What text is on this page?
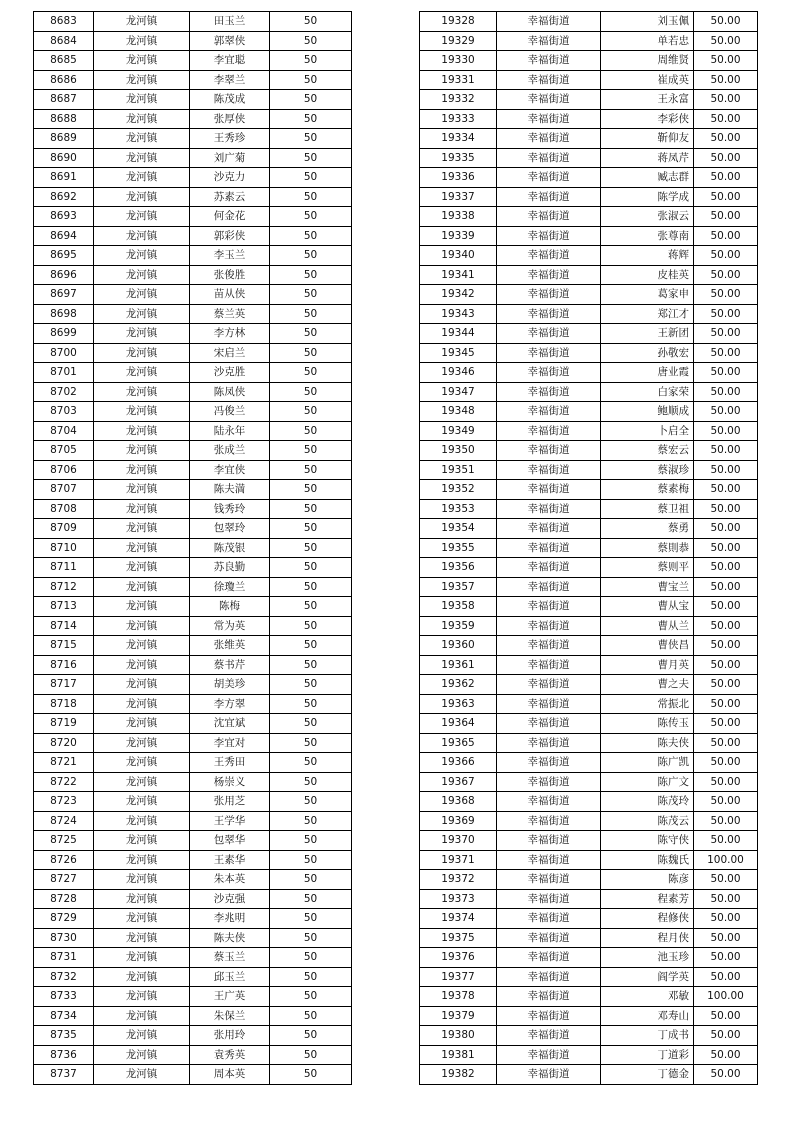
8683	龙河镇	田玉兰	50
8684	龙河镇	郭翠侠	50
8685	龙河镇	李宜聪	50
8686	龙河镇	李翠兰	50
8687	龙河镇	陈茂成	50
8688	龙河镇	张厚侠	50
8689	龙河镇	王秀珍	50
8690	龙河镇	刘广菊	50
8691	龙河镇	沙克力	50
8692	龙河镇	苏素云	50
8693	龙河镇	何金花	50
8694	龙河镇	郭彩侠	50
8695	龙河镇	李玉兰	50
8696	龙河镇	张俊胜	50
8697	龙河镇	苗从侠	50
8698	龙河镇	蔡兰英	50
8699	龙河镇	李方林	50
8700	龙河镇	宋启兰	50
8701	龙河镇	沙克胜	50
8702	龙河镇	陈凤侠	50
8703	龙河镇	冯俊兰	50
8704	龙河镇	陆永年	50
8705	龙河镇	张成兰	50
8706	龙河镇	李宜侠	50
8707	龙河镇	陈夫満	50
8708	龙河镇	钱秀玲	50
8709	龙河镇	包翠玲	50
8710	龙河镇	陈茂银	50
8711	龙河镇	苏良勤	50
8712	龙河镇	徐瓊兰	50
8713	龙河镇	陈梅	50
8714	龙河镇	常为英	50
8715	龙河镇	张维英	50
8716	龙河镇	蔡书芹	50
8717	龙河镇	胡美珍	50
8718	龙河镇	李方翠	50
8719	龙河镇	沈宜斌	50
8720	龙河镇	李宜对	50
8721	龙河镇	王秀田	50
8722	龙河镇	杨崇义	50
8723	龙河镇	张用芝	50
8724	龙河镇	王学华	50
8725	龙河镇	包翠华	50
8726	龙河镇	王素华	50
8727	龙河镇	朱本英	50
8728	龙河镇	沙克强	50
8729	龙河镇	李兆明	50
8730	龙河镇	陈夫侠	50
8731	龙河镇	蔡玉兰	50
8732	龙河镇	邱玉兰	50
8733	龙河镇	王广英	50
8734	龙河镇	朱保兰	50
8735	龙河镇	张用玲	50
8736	龙河镇	袁秀英	50
8737	龙河镇	周本英	50
19328	幸福街道	刘玉佩	50.00
19329	幸福街道	单若忠	50.00
19330	幸福街道	周维贤	50.00
19331	幸福街道	崔成英	50.00
19332	幸福街道	王永富	50.00
19333	幸福街道	李彩侠	50.00
19334	幸福街道	靳仰友	50.00
19335	幸福街道	蒋凤芹	50.00
19336	幸福街道	臧志群	50.00
19337	幸福街道	陈学成	50.00
19338	幸福街道	张淑云	50.00
19339	幸福街道	张尊南	50.00
19340	幸福街道	蒋辉	50.00
19341	幸福街道	皮桂英	50.00
19342	幸福街道	葛家申	50.00
19343	幸福街道	郑江才	50.00
19344	幸福街道	王新团	50.00
19345	幸福街道	孙敬宏	50.00
19346	幸福街道	唐业霞	50.00
19347	幸福街道	白家荣	50.00
19348	幸福街道	鲍顺成	50.00
19349	幸福街道	卜启全	50.00
19350	幸福街道	蔡宏云	50.00
19351	幸福街道	蔡淑珍	50.00
19352	幸福街道	蔡素梅	50.00
19353	幸福街道	蔡卫祖	50.00
19354	幸福街道	蔡勇	50.00
19355	幸福街道	蔡則恭	50.00
19356	幸福街道	蔡则平	50.00
19357	幸福街道	曹宝兰	50.00
19358	幸福街道	曹从宝	50.00
19359	幸福街道	曹从兰	50.00
19360	幸福街道	曹侠昌	50.00
19361	幸福街道	曹月英	50.00
19362	幸福街道	曹之夫	50.00
19363	幸福街道	常振北	50.00
19364	幸福街道	陈传玉	50.00
19365	幸福街道	陈夫侠	50.00
19366	幸福街道	陈广凯	50.00
19367	幸福街道	陈广文	50.00
19368	幸福街道	陈茂玲	50.00
19369	幸福街道	陈茂云	50.00
19370	幸福街道	陈守侠	50.00
19371	幸福街道	陈魏氏	100.00
19372	幸福街道	陈彦	50.00
19373	幸福街道	程素芳	50.00
19374	幸福街道	程修侠	50.00
19375	幸福街道	程月侠	50.00
19376	幸福街道	池玉珍	50.00
19377	幸福街道	阎学英	50.00
19378	幸福街道	邓敏	100.00
19379	幸福街道	邓寿山	50.00
19380	幸福街道	丁成书	50.00
19381	幸福街道	丁道彩	50.00
19382	幸福街道	丁德金	50.00
